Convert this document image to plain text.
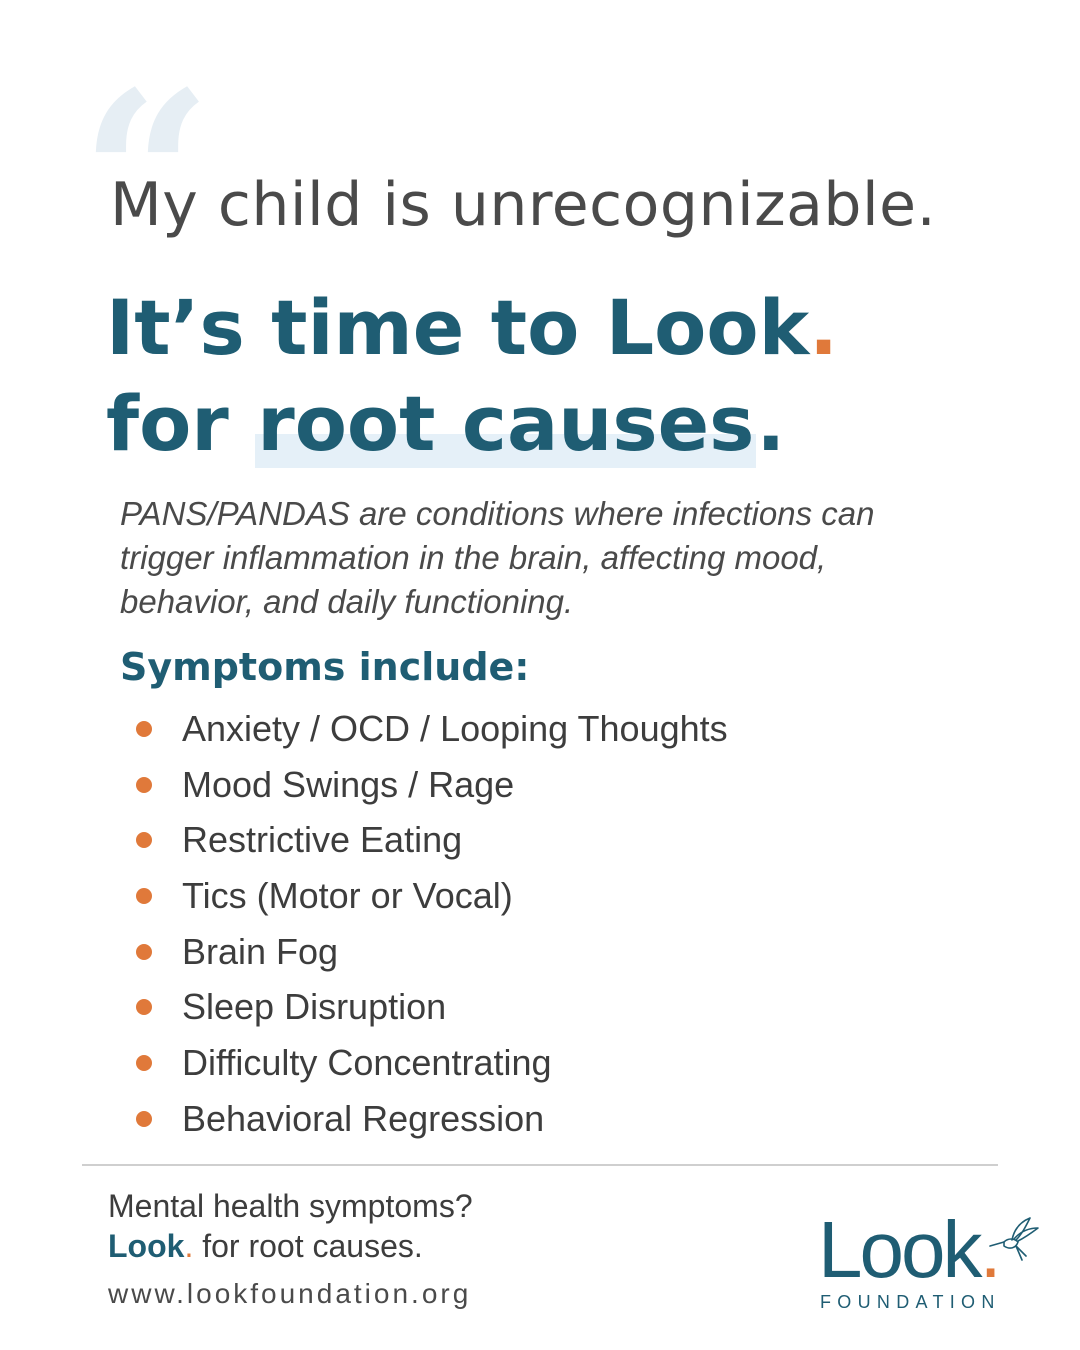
“
My child is unrecognizable.
It’s time to Look.
for root causes.
PANS/PANDAS are conditions where infections can trigger inflammation in the brain, affecting mood, behavior, and daily functioning.
Symptoms include:
Anxiety / OCD / Looping Thoughts
Mood Swings / Rage
Restrictive Eating
Tics (Motor or Vocal)
Brain Fog
Sleep Disruption
Difficulty Concentrating
Behavioral Regression
Mental health symptoms?
Look. for root causes.
www.lookfoundation.org	Look.
FOUNDATION
